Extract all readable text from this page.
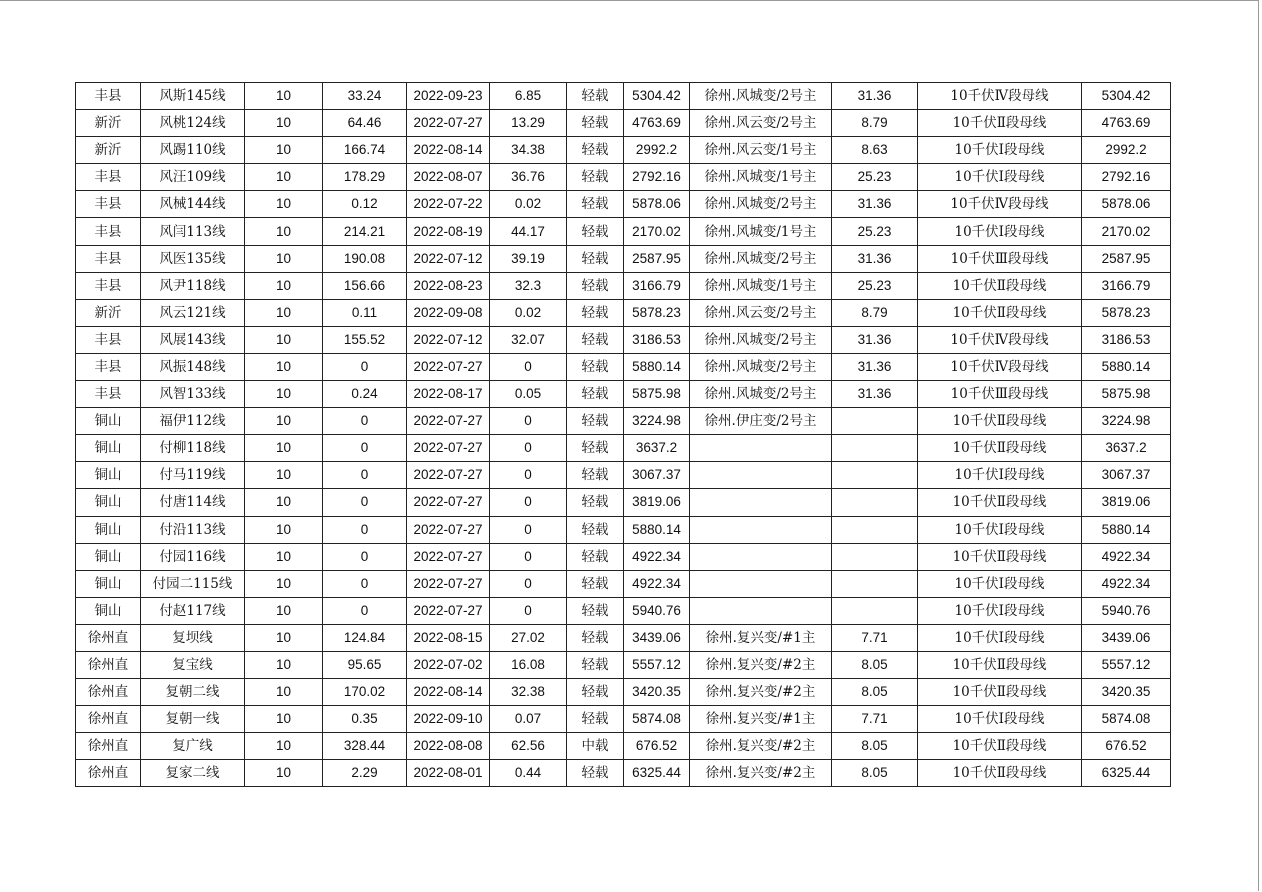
丰县	风斯145线	10	33.24	2022-09-23	6.85	轻载	5304.42	徐州.风城变/2号主	31.36	10千伏Ⅳ段母线	5304.42
新沂	风桃124线	10	64.46	2022-07-27	13.29	轻载	4763.69	徐州.风云变/2号主	8.79	10千伏Ⅱ段母线	4763.69
新沂	风踢110线	10	166.74	2022-08-14	34.38	轻载	2992.2	徐州.风云变/1号主	8.63	10千伏Ⅰ段母线	2992.2
丰县	风汪109线	10	178.29	2022-08-07	36.76	轻载	2792.16	徐州.风城变/1号主	25.23	10千伏Ⅰ段母线	2792.16
丰县	风械144线	10	0.12	2022-07-22	0.02	轻载	5878.06	徐州.风城变/2号主	31.36	10千伏Ⅳ段母线	5878.06
丰县	风闫113线	10	214.21	2022-08-19	44.17	轻载	2170.02	徐州.风城变/1号主	25.23	10千伏Ⅰ段母线	2170.02
丰县	风医135线	10	190.08	2022-07-12	39.19	轻载	2587.95	徐州.风城变/2号主	31.36	10千伏Ⅲ段母线	2587.95
丰县	风尹118线	10	156.66	2022-08-23	32.3	轻载	3166.79	徐州.风城变/1号主	25.23	10千伏Ⅱ段母线	3166.79
新沂	风云121线	10	0.11	2022-09-08	0.02	轻载	5878.23	徐州.风云变/2号主	8.79	10千伏Ⅱ段母线	5878.23
丰县	风展143线	10	155.52	2022-07-12	32.07	轻载	3186.53	徐州.风城变/2号主	31.36	10千伏Ⅳ段母线	3186.53
丰县	风振148线	10	0	2022-07-27	0	轻载	5880.14	徐州.风城变/2号主	31.36	10千伏Ⅳ段母线	5880.14
丰县	风智133线	10	0.24	2022-08-17	0.05	轻载	5875.98	徐州.风城变/2号主	31.36	10千伏Ⅲ段母线	5875.98
铜山	福伊112线	10	0	2022-07-27	0	轻载	3224.98	徐州.伊庄变/2号主		10千伏Ⅱ段母线	3224.98
铜山	付柳118线	10	0	2022-07-27	0	轻载	3637.2			10千伏Ⅱ段母线	3637.2
铜山	付马119线	10	0	2022-07-27	0	轻载	3067.37			10千伏Ⅰ段母线	3067.37
铜山	付唐114线	10	0	2022-07-27	0	轻载	3819.06			10千伏Ⅱ段母线	3819.06
铜山	付沿113线	10	0	2022-07-27	0	轻载	5880.14			10千伏Ⅰ段母线	5880.14
铜山	付园116线	10	0	2022-07-27	0	轻载	4922.34			10千伏Ⅱ段母线	4922.34
铜山	付园二115线	10	0	2022-07-27	0	轻载	4922.34			10千伏Ⅰ段母线	4922.34
铜山	付赵117线	10	0	2022-07-27	0	轻载	5940.76			10千伏Ⅰ段母线	5940.76
徐州直	复坝线	10	124.84	2022-08-15	27.02	轻载	3439.06	徐州.复兴变/#1主	7.71	10千伏Ⅰ段母线	3439.06
徐州直	复宝线	10	95.65	2022-07-02	16.08	轻载	5557.12	徐州.复兴变/#2主	8.05	10千伏Ⅱ段母线	5557.12
徐州直	复朝二线	10	170.02	2022-08-14	32.38	轻载	3420.35	徐州.复兴变/#2主	8.05	10千伏Ⅱ段母线	3420.35
徐州直	复朝一线	10	0.35	2022-09-10	0.07	轻载	5874.08	徐州.复兴变/#1主	7.71	10千伏Ⅰ段母线	5874.08
徐州直	复广线	10	328.44	2022-08-08	62.56	中载	676.52	徐州.复兴变/#2主	8.05	10千伏Ⅱ段母线	676.52
徐州直	复家二线	10	2.29	2022-08-01	0.44	轻载	6325.44	徐州.复兴变/#2主	8.05	10千伏Ⅱ段母线	6325.44
